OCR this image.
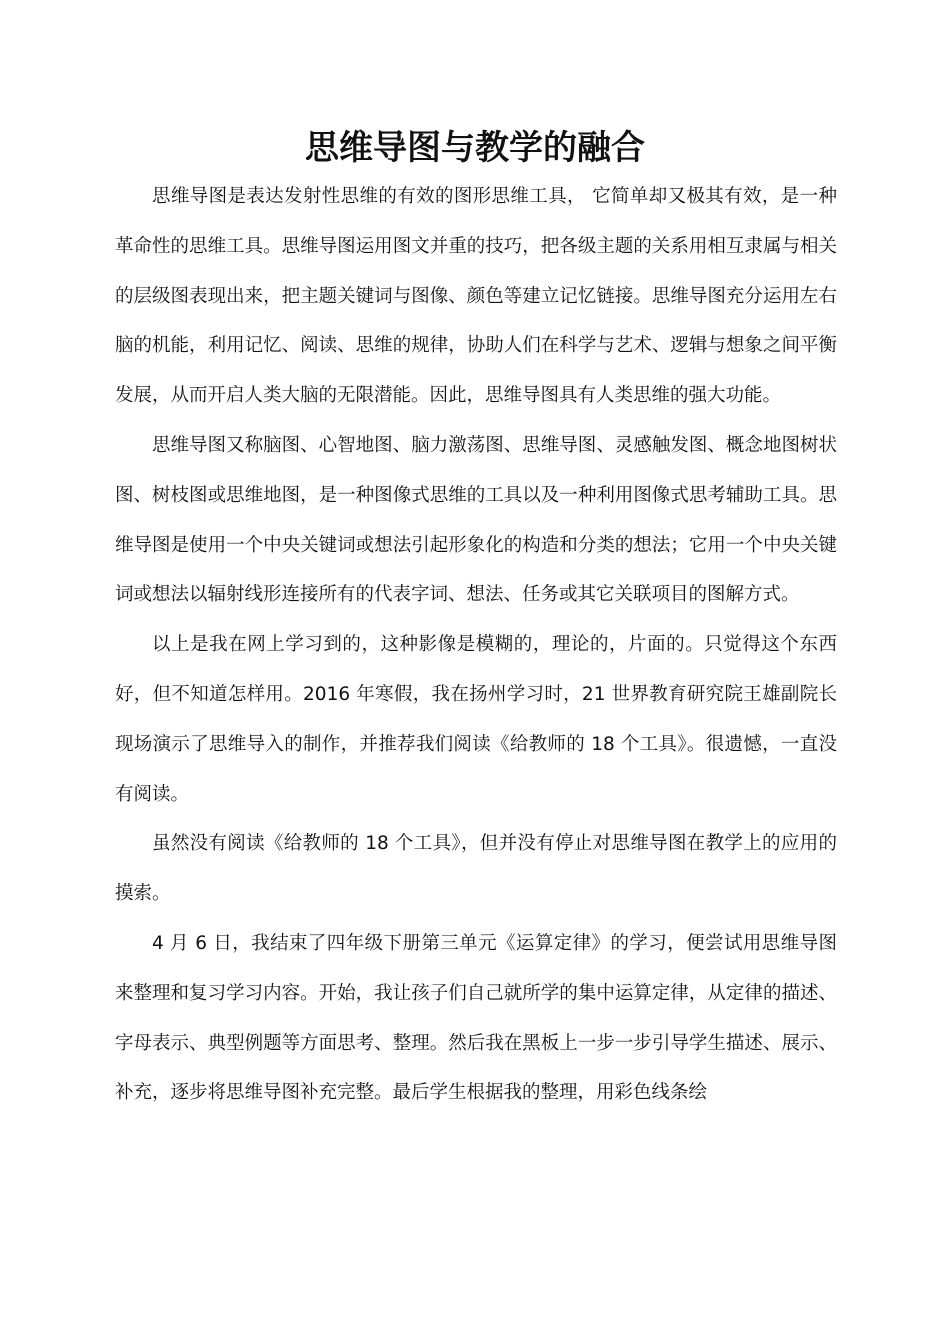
思维导图与教学的融合

思维导图是表达发射性思维的有效的图形思维工具， 它简单却又极其有效，是一种革命性的思维工具。思维导图运用图文并重的技巧，把各级主题的关系用相互隶属与相关的层级图表现出来，把主题关键词与图像、颜色等建立记忆链接。思维导图充分运用左右脑的机能，利用记忆、阅读、思维的规律，协助人们在科学与艺术、逻辑与想象之间平衡发展，从而开启人类大脑的无限潜能。因此，思维导图具有人类思维的强大功能。

思维导图又称脑图、心智地图、脑力激荡图、思维导图、灵感触发图、概念地图树状图、树枝图或思维地图，是一种图像式思维的工具以及一种利用图像式思考辅助工具。思维导图是使用一个中央关键词或想法引起形象化的构造和分类的想法；它用一个中央关键词或想法以辐射线形连接所有的代表字词、想法、任务或其它关联项目的图解方式。

以上是我在网上学习到的，这种影像是模糊的，理论的，片面的。只觉得这个东西好，但不知道怎样用。2016 年寒假，我在扬州学习时，21 世界教育研究院王雄副院长现场演示了思维导入的制作，并推荐我们阅读《给教师的 18 个工具》。很遗憾，一直没有阅读。

虽然没有阅读《给教师的 18 个工具》，但并没有停止对思维导图在教学上的应用的摸索。

4 月 6 日，我结束了四年级下册第三单元《运算定律》的学习，便尝试用思维导图来整理和复习学习内容。开始，我让孩子们自己就所学的集中运算定律，从定律的描述、字母表示、典型例题等方面思考、整理。然后我在黑板上一步一步引导学生描述、展示、补充，逐步将思维导图补充完整。最后学生根据我的整理，用彩色线条绘
